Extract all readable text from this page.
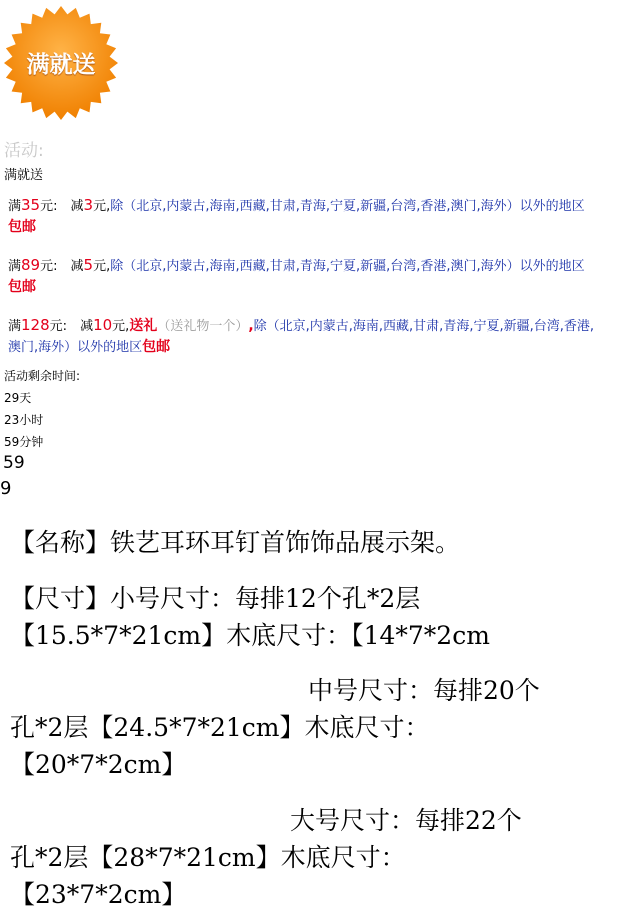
满就送
活动:
满就送
满35元:　 减3元,除（北京,内蒙古,海南,西藏,甘肃,青海,宁夏,新疆,台湾,香港,澳门,海外）以外的地区包邮
满89元:　 减5元,除（北京,内蒙古,海南,西藏,甘肃,青海,宁夏,新疆,台湾,香港,澳门,海外）以外的地区包邮
满128元:　 减10元,送礼（送礼物一个）,除（北京,内蒙古,海南,西藏,甘肃,青海,宁夏,新疆,台湾,香港,澳门,海外）以外的地区包邮
活动剩余时间:
29天
23小时
59分钟
59
9
【名称】铁艺耳环耳钉首饰饰品展示架。
【尺寸】小号尺寸：每排12个孔*2层
【15.5*7*21cm】木底尺寸：【14*7*2cm
中号尺寸：每排20个
孔*2层【24.5*7*21cm】木底尺寸：
【20*7*2cm】
大号尺寸：每排22个
孔*2层【28*7*21cm】木底尺寸：
【23*7*2cm】
